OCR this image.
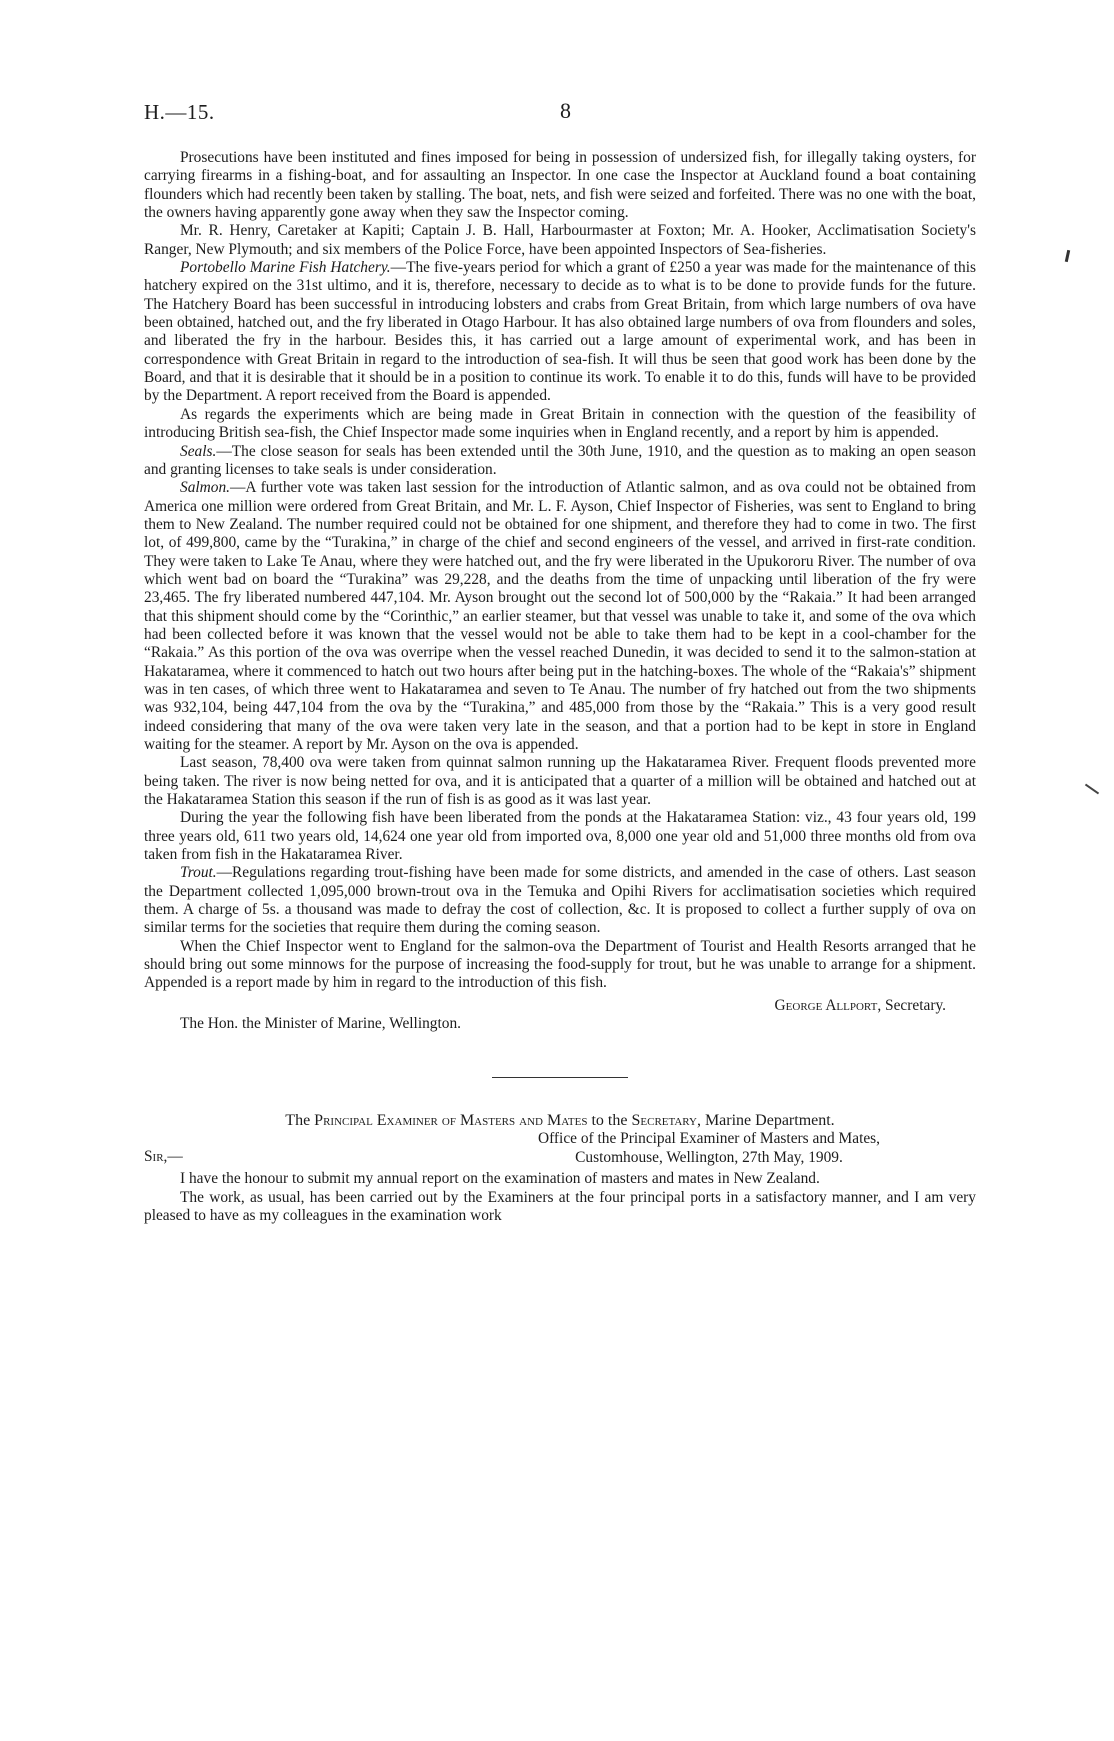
H.—15.	8

Prosecutions have been instituted and fines imposed for being in possession of undersized fish, for illegally taking oysters, for carrying firearms in a fishing-boat, and for assaulting an Inspector. In one case the Inspector at Auckland found a boat containing flounders which had recently been taken by stalling. The boat, nets, and fish were seized and forfeited. There was no one with the boat, the owners having apparently gone away when they saw the Inspector coming.

Mr. R. Henry, Caretaker at Kapiti; Captain J. B. Hall, Harbourmaster at Foxton; Mr. A. Hooker, Acclimatisation Society's Ranger, New Plymouth; and six members of the Police Force, have been appointed Inspectors of Sea-fisheries.

Portobello Marine Fish Hatchery.—The five-years period for which a grant of £250 a year was made for the maintenance of this hatchery expired on the 31st ultimo, and it is, therefore, necessary to decide as to what is to be done to provide funds for the future. The Hatchery Board has been successful in introducing lobsters and crabs from Great Britain, from which large numbers of ova have been obtained, hatched out, and the fry liberated in Otago Harbour. It has also obtained large numbers of ova from flounders and soles, and liberated the fry in the harbour. Besides this, it has carried out a large amount of experimental work, and has been in correspondence with Great Britain in regard to the introduction of sea-fish. It will thus be seen that good work has been done by the Board, and that it is desirable that it should be in a position to continue its work. To enable it to do this, funds will have to be provided by the Department. A report received from the Board is appended.

As regards the experiments which are being made in Great Britain in connection with the question of the feasibility of introducing British sea-fish, the Chief Inspector made some inquiries when in England recently, and a report by him is appended.

Seals.—The close season for seals has been extended until the 30th June, 1910, and the question as to making an open season and granting licenses to take seals is under consideration.

Salmon.—A further vote was taken last session for the introduction of Atlantic salmon, and as ova could not be obtained from America one million were ordered from Great Britain, and Mr. L. F. Ayson, Chief Inspector of Fisheries, was sent to England to bring them to New Zealand. The number required could not be obtained for one shipment, and therefore they had to come in two. The first lot, of 499,800, came by the “Turakina,” in charge of the chief and second engineers of the vessel, and arrived in first-rate condition. They were taken to Lake Te Anau, where they were hatched out, and the fry were liberated in the Upukororu River. The number of ova which went bad on board the “Turakina” was 29,228, and the deaths from the time of unpacking until liberation of the fry were 23,465. The fry liberated numbered 447,104. Mr. Ayson brought out the second lot of 500,000 by the “Rakaia.” It had been arranged that this shipment should come by the “Corinthic,” an earlier steamer, but that vessel was unable to take it, and some of the ova which had been collected before it was known that the vessel would not be able to take them had to be kept in a cool-chamber for the “Rakaia.” As this portion of the ova was overripe when the vessel reached Dunedin, it was decided to send it to the salmon-station at Hakataramea, where it commenced to hatch out two hours after being put in the hatching-boxes. The whole of the “Rakaia's” shipment was in ten cases, of which three went to Hakataramea and seven to Te Anau. The number of fry hatched out from the two shipments was 932,104, being 447,104 from the ova by the “Turakina,” and 485,000 from those by the “Rakaia.” This is a very good result indeed considering that many of the ova were taken very late in the season, and that a portion had to be kept in store in England waiting for the steamer. A report by Mr. Ayson on the ova is appended.

Last season, 78,400 ova were taken from quinnat salmon running up the Hakataramea River. Frequent floods prevented more being taken. The river is now being netted for ova, and it is anticipated that a quarter of a million will be obtained and hatched out at the Hakataramea Station this season if the run of fish is as good as it was last year.

During the year the following fish have been liberated from the ponds at the Hakataramea Station: viz., 43 four years old, 199 three years old, 611 two years old, 14,624 one year old from imported ova, 8,000 one year old and 51,000 three months old from ova taken from fish in the Hakataramea River.

Trout.—Regulations regarding trout-fishing have been made for some districts, and amended in the case of others. Last season the Department collected 1,095,000 brown-trout ova in the Temuka and Opihi Rivers for acclimatisation societies which required them. A charge of 5s. a thousand was made to defray the cost of collection, &c. It is proposed to collect a further supply of ova on similar terms for the societies that require them during the coming season.

When the Chief Inspector went to England for the salmon-ova the Department of Tourist and Health Resorts arranged that he should bring out some minnows for the purpose of increasing the food-supply for trout, but he was unable to arrange for a shipment. Appended is a report made by him in regard to the introduction of this fish.

George Allport, Secretary.
The Hon. the Minister of Marine, Wellington.

The Principal Examiner of Masters and Mates to the Secretary, Marine Department.

Office of the Principal Examiner of Masters and Mates,
Customhouse, Wellington, 27th May, 1909.
Sir,—

I have the honour to submit my annual report on the examination of masters and mates in New Zealand.

The work, as usual, has been carried out by the Examiners at the four principal ports in a satisfactory manner, and I am very pleased to have as my colleagues in the examination work
